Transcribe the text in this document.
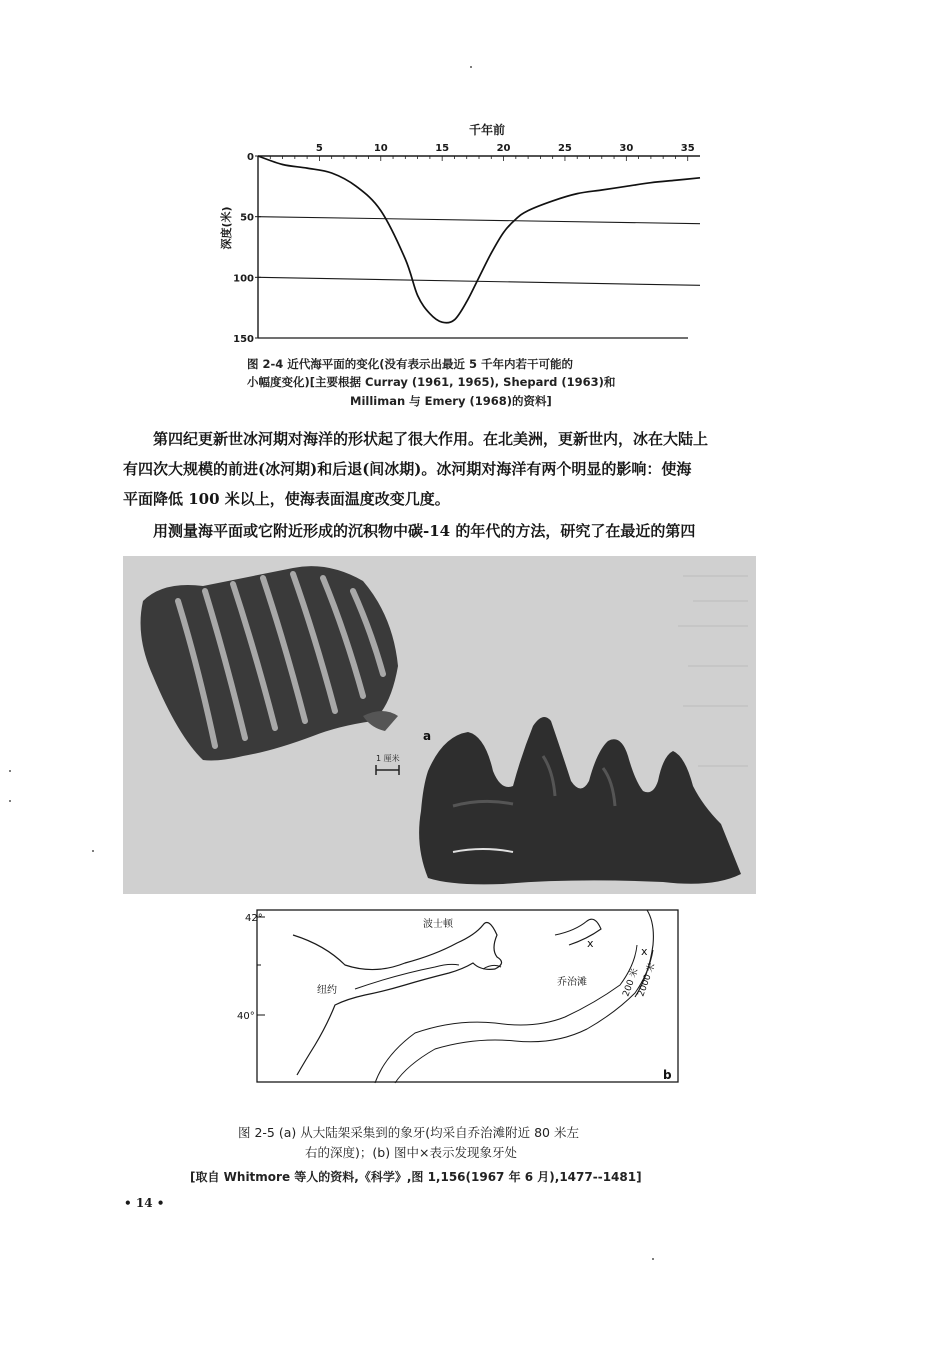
千年前
深度(米)
5	10	15	20	25	30	35
0
50
100
150
图 2-4 近代海平面的变化(没有表示出最近 5 千年内若干可能的
小幅度变化)[主要根据 Curray (1961, 1965), Shepard (1963)和
Milliman 与 Emery (1968)的资料]
第四纪更新世冰河期对海洋的形状起了很大作用。在北美洲，更新世内，冰在大陆上
有四次大规模的前进(冰河期)和后退(间冰期)。冰河期对海洋有两个明显的影响：使海
平面降低 100 米以上，使海表面温度改变几度。
用测量海平面或它附近形成的沉积物中碳-14 的年代的方法，研究了在最近的第四
a
1 厘米
42°
40°
波士顿
纽约
乔治滩	200 米
2000 米
x
x
b
图 2-5 (a) 从大陆架采集到的象牙(均采自乔治滩附近 80 米左
右的深度)；(b) 图中×表示发现象牙处
[取自 Whitmore 等人的资料,《科学》,图 1,156(1967 年 6 月),1477--1481]
• 14 •
